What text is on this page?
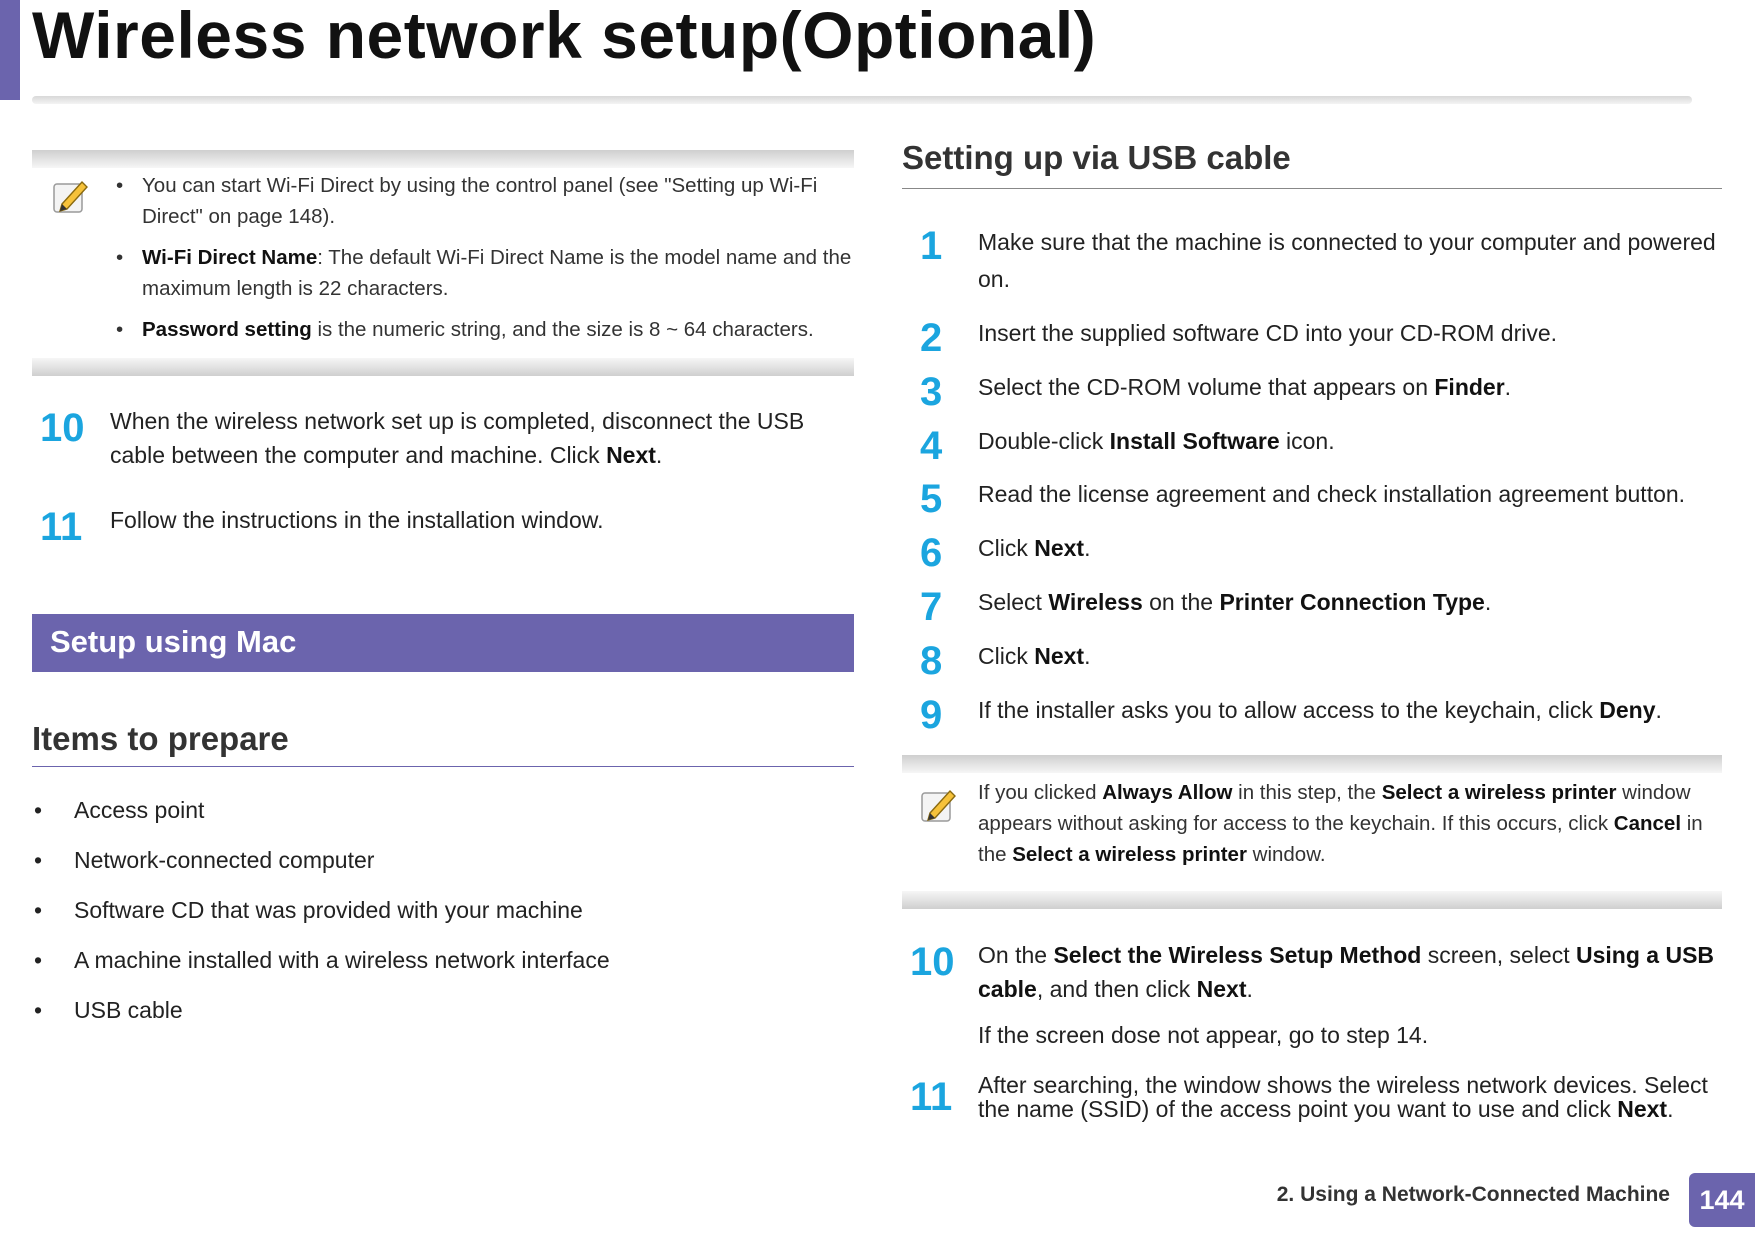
Wireless network setup(Optional)
• You can start Wi-Fi Direct by using the control panel (see "Setting up Wi-Fi Direct" on page 148).
• Wi-Fi Direct Name: The default Wi-Fi Direct Name is the model name and the maximum length is 22 characters.
• Password setting is the numeric string, and the size is 8 ~ 64 characters.
10 When the wireless network set up is completed, disconnect the USB cable between the computer and machine. Click Next.
11 Follow the instructions in the installation window.
Setup using Mac
Items to prepare
• Access point
• Network-connected computer
• Software CD that was provided with your machine
• A machine installed with a wireless network interface
• USB cable
Setting up via USB cable
1 Make sure that the machine is connected to your computer and powered on.
2 Insert the supplied software CD into your CD-ROM drive.
3 Select the CD-ROM volume that appears on Finder.
4 Double-click Install Software icon.
5 Read the license agreement and check installation agreement button.
6 Click Next.
7 Select Wireless on the Printer Connection Type.
8 Click Next.
9 If the installer asks you to allow access to the keychain, click Deny.
If you clicked Always Allow in this step, the Select a wireless printer window appears without asking for access to the keychain. If this occurs, click Cancel in the Select a wireless printer window.
10 On the Select the Wireless Setup Method screen, select Using a USB cable, and then click Next.
If the screen dose not appear, go to step 14.
11 After searching, the window shows the wireless network devices. Select the name (SSID) of the access point you want to use and click Next.
2. Using a Network-Connected Machine	144
